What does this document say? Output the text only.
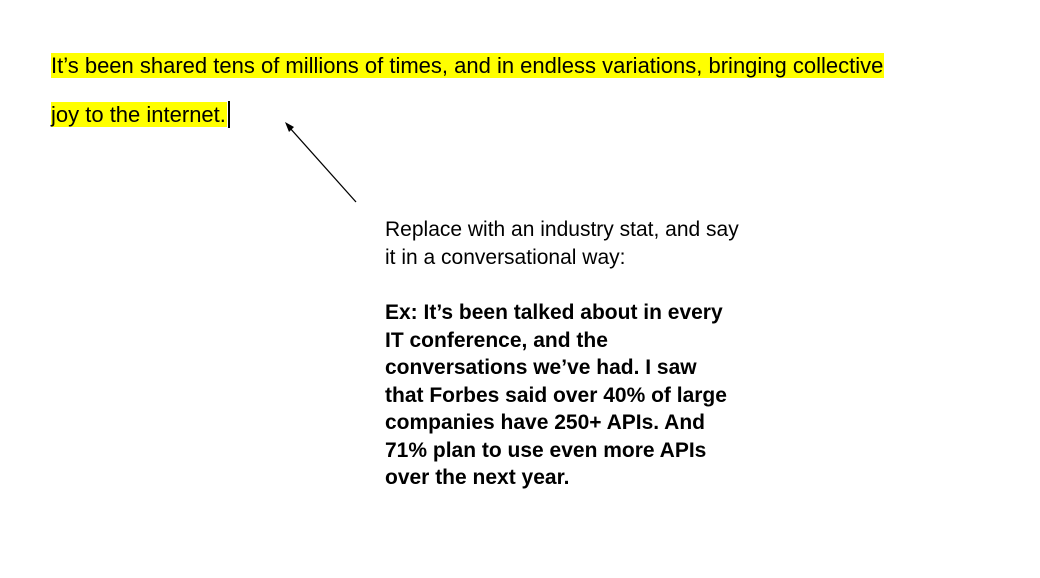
It’s been shared tens of millions of times, and in endless variations, bringing collective
joy to the internet.

Replace with an industry stat, and say

it in a conversational way:

Ex: It’s been talked about in every

IT conference, and the

conversations we’ve had. I saw

that Forbes said over 40% of large

companies have 250+ APIs. And

71% plan to use even more APIs

over the next year.
